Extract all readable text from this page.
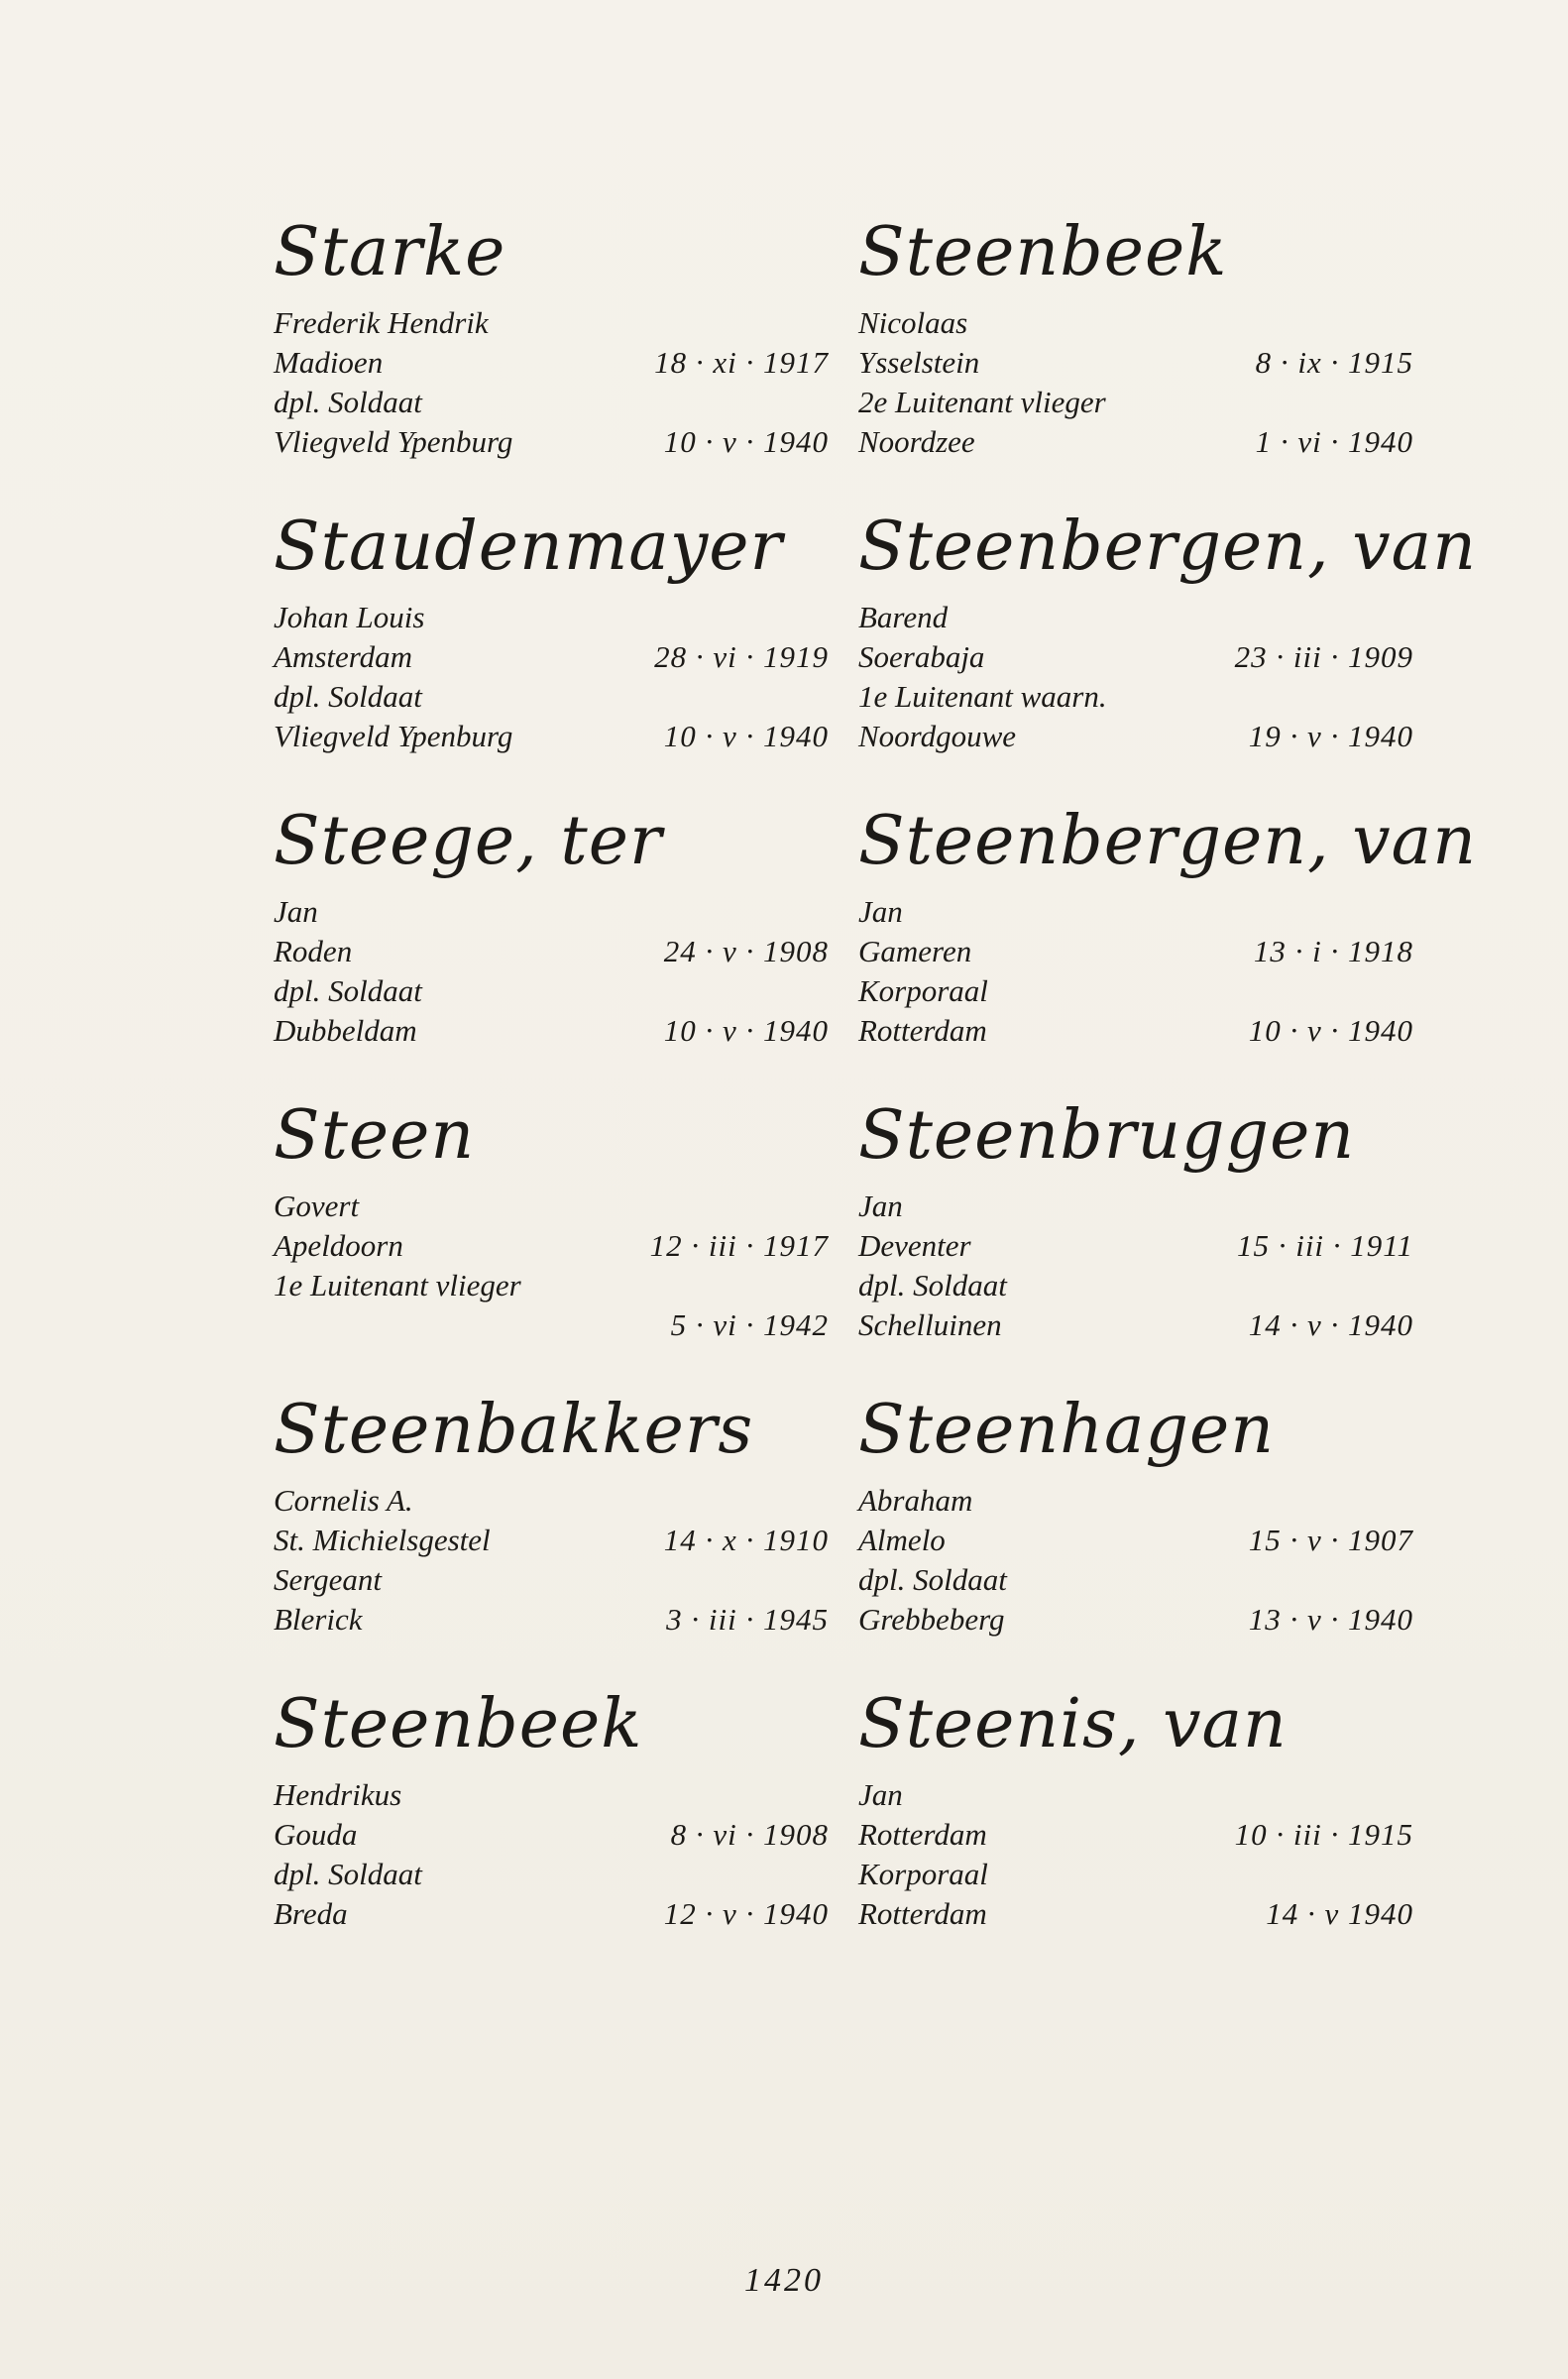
Starke
Frederik Hendrik
Madioen	18 · xi · 1917
dpl. Soldaat
Vliegveld Ypenburg	10 · v · 1940
Staudenmayer
Johan Louis
Amsterdam	28 · vi · 1919
dpl. Soldaat
Vliegveld Ypenburg	10 · v · 1940
Steege, ter
Jan
Roden	24 · v · 1908
dpl. Soldaat
Dubbeldam	10 · v · 1940
Steen
Govert
Apeldoorn	12 · iii · 1917
1e Luitenant vlieger
5 · vi · 1942
Steenbakkers
Cornelis A.
St. Michielsgestel	14 · x · 1910
Sergeant
Blerick	3 · iii · 1945
Steenbeek
Hendrikus
Gouda	8 · vi · 1908
dpl. Soldaat
Breda	12 · v · 1940
Steenbeek
Nicolaas
Ysselstein	8 · ix · 1915
2e Luitenant vlieger
Noordzee	1 · vi · 1940
Steenbergen, van
Barend
Soerabaja	23 · iii · 1909
1e Luitenant waarn.
Noordgouwe	19 · v · 1940
Steenbergen, van
Jan
Gameren	13 · i · 1918
Korporaal
Rotterdam	10 · v · 1940
Steenbruggen
Jan
Deventer	15 · iii · 1911
dpl. Soldaat
Schelluinen	14 · v · 1940
Steenhagen
Abraham
Almelo	15 · v · 1907
dpl. Soldaat
Grebbeberg	13 · v · 1940
Steenis, van
Jan
Rotterdam	10 · iii · 1915
Korporaal
Rotterdam	14 · v 1940
1420
